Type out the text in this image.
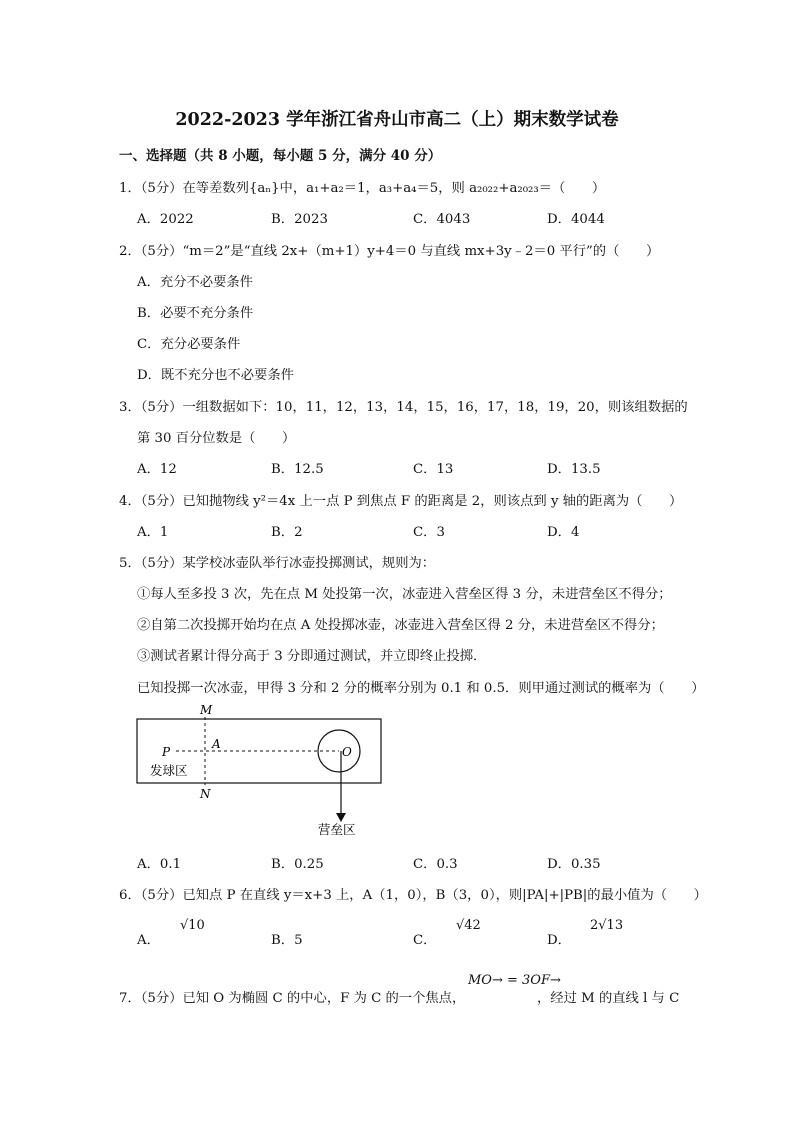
2022-2023 学年浙江省舟山市高二（上）期末数学试卷
一、选择题（共 8 小题，每小题 5 分，满分 40 分）
1．（5分）在等差数列{aₙ}中，a₁+a₂＝1，a₃+a₄＝5，则 a₂₀₂₂+a₂₀₂₃＝（　　）
A．2022	B．2023	C．4043	D．4044
2．（5分）“m＝2”是“直线 2x+（m+1）y+4＝0 与直线 mx+3y﹣2＝0 平行”的（　　）
A．充分不必要条件
B．必要不充分条件
C．充分必要条件
D．既不充分也不必要条件
3．（5分）一组数据如下：10，11，12，13，14，15，16，17，18，19，20，则该组数据的
第 30 百分位数是（　　）
A．12	B．12.5	C．13	D．13.5
4．（5分）已知抛物线 y²＝4x 上一点 P 到焦点 F 的距离是 2，则该点到 y 轴的距离为（　　）
A．1	B．2	C．3	D．4
5．（5分）某学校冰壶队举行冰壶投掷测试，规则为：
①每人至多投 3 次，先在点 M 处投第一次，冰壶进入营垒区得 3 分，未进营垒区不得分；
②自第二次投掷开始均在点 A 处投掷冰壶，冰壶进入营垒区得 2 分，未进营垒区不得分；
③测试者累计得分高于 3 分即通过测试，并立即终止投掷．
已知投掷一次冰壶，甲得 3 分和 2 分的概率分别为 0.1 和 0.5．则甲通过测试的概率为（　　）
M
N
P
A
O
发球区
营垒区
A．0.1	B．0.25	C．0.3	D．0.35
6．（5分）已知点 P 在直线 y＝x+3 上，A（1，0），B（3，0），则|PA|+|PB|的最小值为（　　）
A．
√10
B．5	C．
√42
D．
2√13
7．（5分）已知 O 为椭圆 C 的中心，F 为 C 的一个焦点，
MO→ = 3OF→
，经过 M 的直线 l 与 C
